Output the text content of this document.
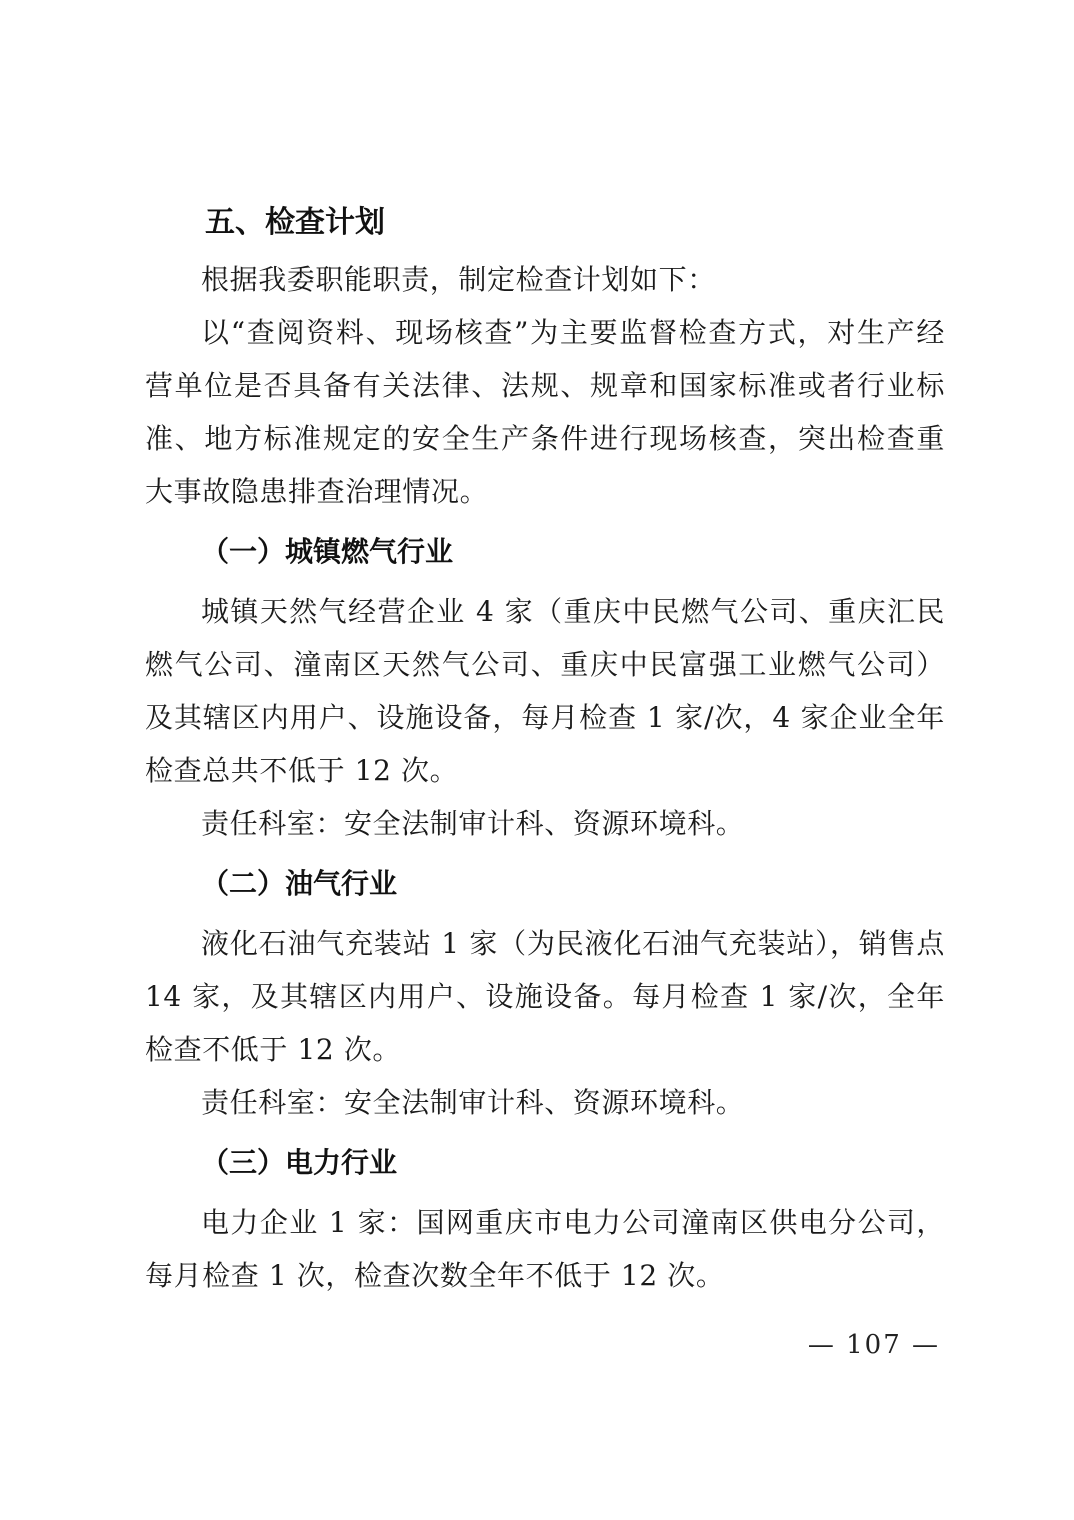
五、检查计划

根据我委职能职责，制定检查计划如下：

以“查阅资料、现场核查”为主要监督检查方式，对生产经营单位是否具备有关法律、法规、规章和国家标准或者行业标准、地方标准规定的安全生产条件进行现场核查，突出检查重大事故隐患排查治理情况。

（一）城镇燃气行业

城镇天然气经营企业 4 家（重庆中民燃气公司、重庆汇民燃气公司、潼南区天然气公司、重庆中民富强工业燃气公司）及其辖区内用户、设施设备，每月检查 1 家/次，4 家企业全年检查总共不低于 12 次。

责任科室：安全法制审计科、资源环境科。

（二）油气行业

液化石油气充装站 1 家（为民液化石油气充装站），销售点 14 家，及其辖区内用户、设施设备。每月检查 1 家/次，全年检查不低于 12 次。

责任科室：安全法制审计科、资源环境科。

（三）电力行业

电力企业 1 家：国网重庆市电力公司潼南区供电分公司，每月检查 1 次，检查次数全年不低于 12 次。

— 107 —
